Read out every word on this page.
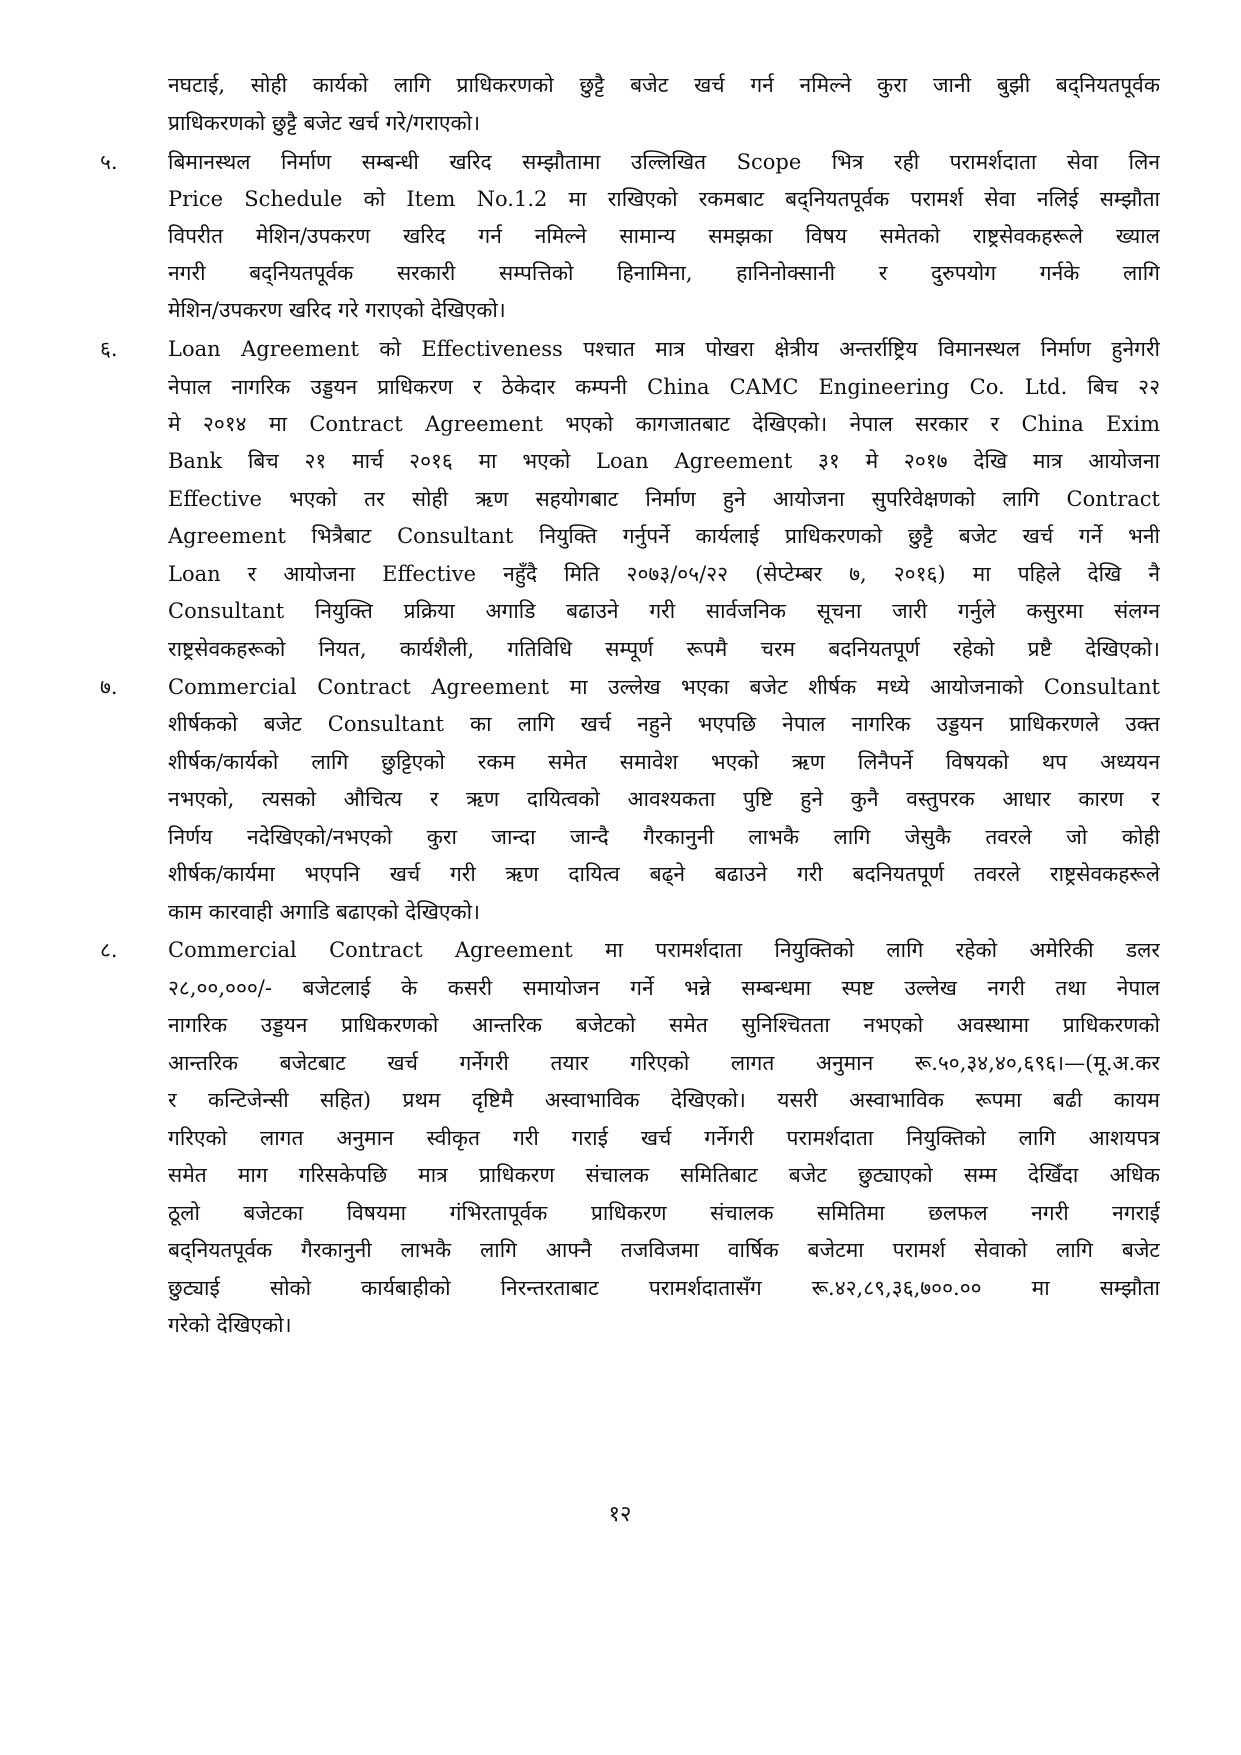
नघटाई, सोही कार्यको लागि प्राधिकरणको छुट्टै बजेट खर्च गर्न नमिल्ने कुरा जानी बुझी बद्नियतपूर्वक
प्राधिकरणको छुट्टै बजेट खर्च गरे/गराएको।
५.	बिमानस्थल निर्माण सम्बन्धी खरिद सम्झौतामा उल्लिखित Scope भित्र रही परामर्शदाता सेवा लिन
Price Schedule को Item No.1.2 मा राखिएको रकमबाट बद्नियतपूर्वक परामर्श सेवा नलिई सम्झौता
विपरीत मेशिन/उपकरण खरिद गर्न नमिल्ने सामान्य समझका विषय समेतको राष्ट्रसेवकहरूले ख्याल
नगरी बद्नियतपूर्वक सरकारी सम्पत्तिको हिनामिना, हानिनोक्सानी र दुरुपयोग गर्नके लागि
मेशिन/उपकरण खरिद गरे गराएको देखिएको।
६.	Loan Agreement को Effectiveness पश्चात मात्र पोखरा क्षेत्रीय अन्तर्राष्ट्रिय विमानस्थल निर्माण हुनेगरी
नेपाल नागरिक उड्डयन प्राधिकरण र ठेकेदार कम्पनी China CAMC Engineering Co. Ltd. बिच २२
मे २०१४ मा Contract Agreement भएको कागजातबाट देखिएको। नेपाल सरकार र China Exim
Bank बिच २१ मार्च २०१६ मा भएको Loan Agreement ३१ मे २०१७ देखि मात्र आयोजना
Effective भएको तर सोही ऋण सहयोगबाट निर्माण हुने आयोजना सुपरिवेक्षणको लागि Contract
Agreement भित्रैबाट Consultant नियुक्ति गर्नुपर्ने कार्यलाई प्राधिकरणको छुट्टै बजेट खर्च गर्ने भनी
Loan र आयोजना Effective नहुँदै मिति २०७३/०५/२२ (सेप्टेम्बर ७, २०१६) मा पहिले देखि नै
Consultant नियुक्ति प्रक्रिया अगाडि बढाउने गरी सार्वजनिक सूचना जारी गर्नुले कसुरमा संलग्न
राष्ट्रसेवकहरूको नियत, कार्यशैली, गतिविधि सम्पूर्ण रूपमै चरम बदनियतपूर्ण रहेको प्रष्टै देखिएको।
७.	Commercial Contract Agreement मा उल्लेख भएका बजेट शीर्षक मध्ये आयोजनाको Consultant
शीर्षकको बजेट Consultant का लागि खर्च नहुने भएपछि नेपाल नागरिक उड्डयन प्राधिकरणले उक्त
शीर्षक/कार्यको लागि छुट्टिएको रकम समेत समावेश भएको ऋण लिनैपर्ने विषयको थप अध्ययन
नभएको, त्यसको औचित्य र ऋण दायित्वको आवश्यकता पुष्टि हुने कुनै वस्तुपरक आधार कारण र
निर्णय नदेखिएको/नभएको कुरा जान्दा जान्दै गैरकानुनी लाभकै लागि जेसुकै तवरले जो कोही
शीर्षक/कार्यमा भएपनि खर्च गरी ऋण दायित्व बढ्ने बढाउने गरी बदनियतपूर्ण तवरले राष्ट्रसेवकहरूले
काम कारवाही अगाडि बढाएको देखिएको।
८.	Commercial Contract Agreement मा परामर्शदाता नियुक्तिको लागि रहेको अमेरिकी डलर
२८,००,०००/- बजेटलाई के कसरी समायोजन गर्ने भन्ने सम्बन्धमा स्पष्ट उल्लेख नगरी तथा नेपाल
नागरिक उड्डयन प्राधिकरणको आन्तरिक बजेटको समेत सुनिश्चितता नभएको अवस्थामा प्राधिकरणको
आन्तरिक बजेटबाट खर्च गर्नेगरी तयार गरिएको लागत अनुमान रू.५०,३४,४०,६९६।—(मू.अ.कर
र कन्टिजेन्सी सहित) प्रथम दृष्टिमै अस्वाभाविक देखिएको। यसरी अस्वाभाविक रूपमा बढी कायम
गरिएको लागत अनुमान स्वीकृत गरी गराई खर्च गर्नेगरी परामर्शदाता नियुक्तिको लागि आशयपत्र
समेत माग गरिसकेपछि मात्र प्राधिकरण संचालक समितिबाट बजेट छुट्याएको सम्म देखिँदा अधिक
ठूलो बजेटका विषयमा गंभिरतापूर्वक प्राधिकरण संचालक समितिमा छलफल नगरी नगराई
बद्नियतपूर्वक गैरकानुनी लाभकै लागि आफ्नै तजविजमा वार्षिक बजेटमा परामर्श सेवाको लागि बजेट
छुट्याई सोको कार्यबाहीको निरन्तरताबाट परामर्शदातासँग रू.४२,८९,३६,७००.०० मा सम्झौता
गरेको देखिएको।
१२
